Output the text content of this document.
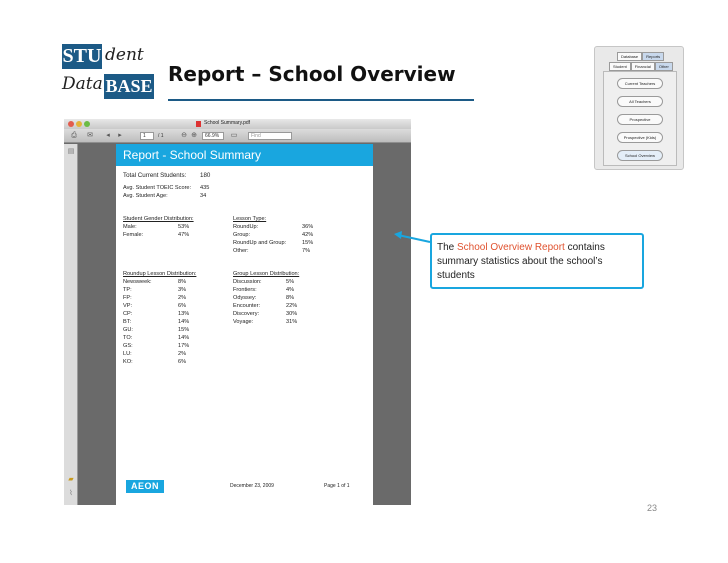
STU dent
Data BASE Report – School Overview
Database	Reports
Student	Financial	Other
Current Teachers
All Teachers
Prospective
Prospective (Kids)
School Overview
School Summary.pdf
⎙ ✉	◂	▸	1	/ 1	⊖ ⊕	66.9%	▭	Find
▤
▰
⌇
Report - School Summary
Total Current Students: 180
Avg. Student TOEIC Score: 435
Avg. Student Age:	34
Student Gender Distribution:
Male:	53%
Female:	47%
Lesson Type:
RoundUp:	36%
Group:	42%
RoundUp and Group:	15%
Other:	7%
Roundup Lesson Distribution:
Newsweek:	8%
TP:	3%
FP:	2%
VP:	6%
CP:	13%
BT:	14%
GU:	15%
TO:	14%
GS:	17%
LU:	2%
KO:	6%
Group Lesson Distribution:
Discussion:	5%
Frontiers:	4%
Odyssey:	8%
Encounter:	22%
Discovery:	30%
Voyage:	31%
AEON	December 23, 2009	Page 1 of 1
The School Overview Report contains summary statistics about the school’s students
23
